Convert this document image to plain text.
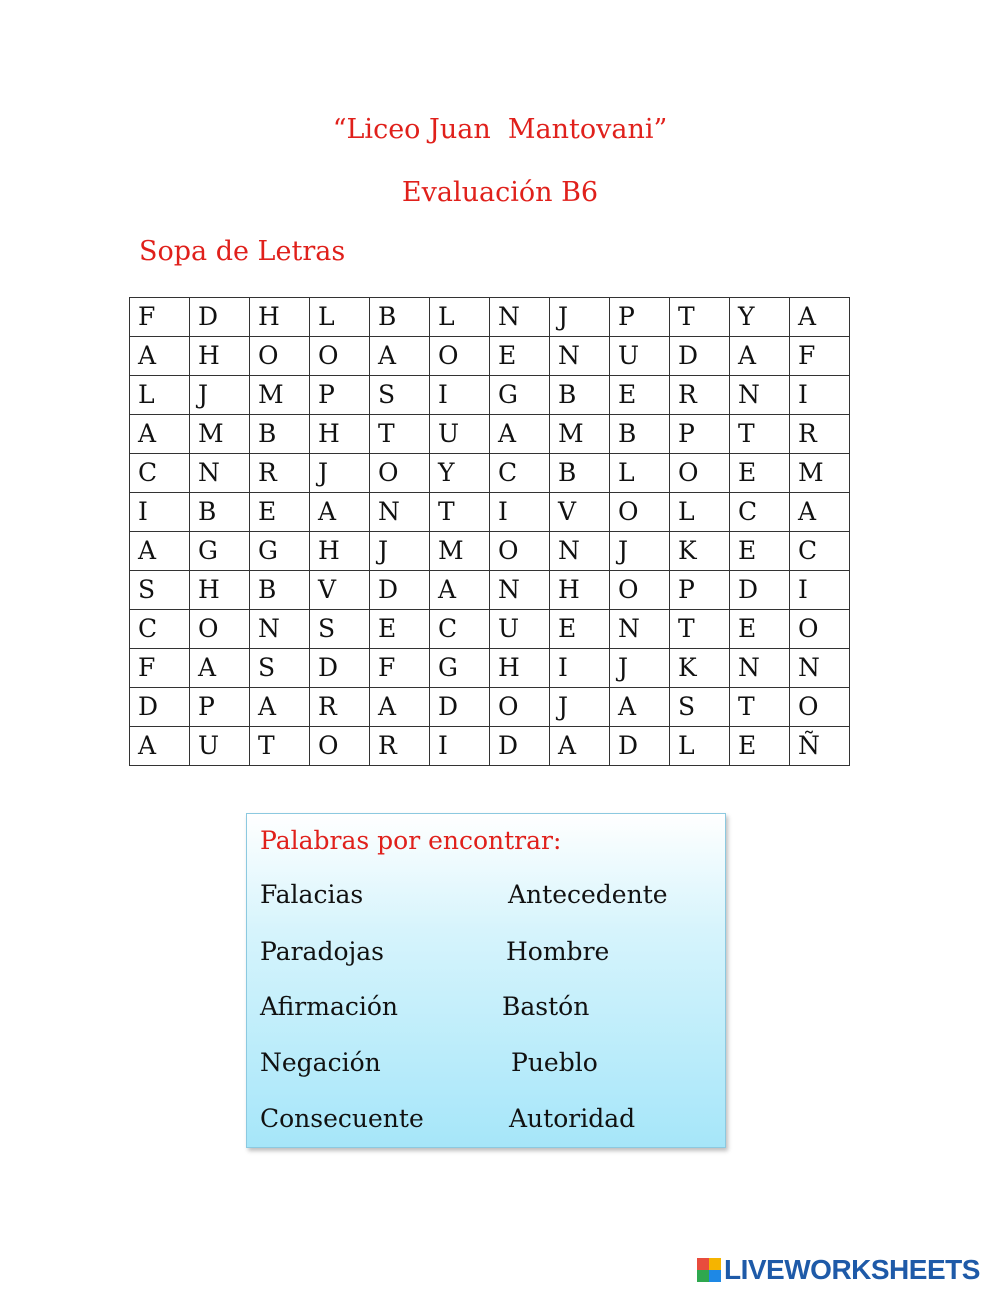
“Liceo Juan  Mantovani”
Evaluación B6
Sopa de Letras
F	D	H	L	B	L	N	J	P	T	Y	A
A	H	O	O	A	O	E	N	U	D	A	F
L	J	M	P	S	I	G	B	E	R	N	I
A	M	B	H	T	U	A	M	B	P	T	R
C	N	R	J	O	Y	C	B	L	O	E	M
I	B	E	A	N	T	I	V	O	L	C	A
A	G	G	H	J	M	O	N	J	K	E	C
S	H	B	V	D	A	N	H	O	P	D	I
C	O	N	S	E	C	U	E	N	T	E	O
F	A	S	D	F	G	H	I	J	K	N	N
D	P	A	R	A	D	O	J	A	S	T	O
A	U	T	O	R	I	D	A	D	L	E	Ñ
Palabras por encontrar:
Falacias
Paradojas
Afirmación
Negación
Consecuente
Antecedente
Hombre
Bastón
Pueblo
Autoridad
LIVEWORKSHEETS
